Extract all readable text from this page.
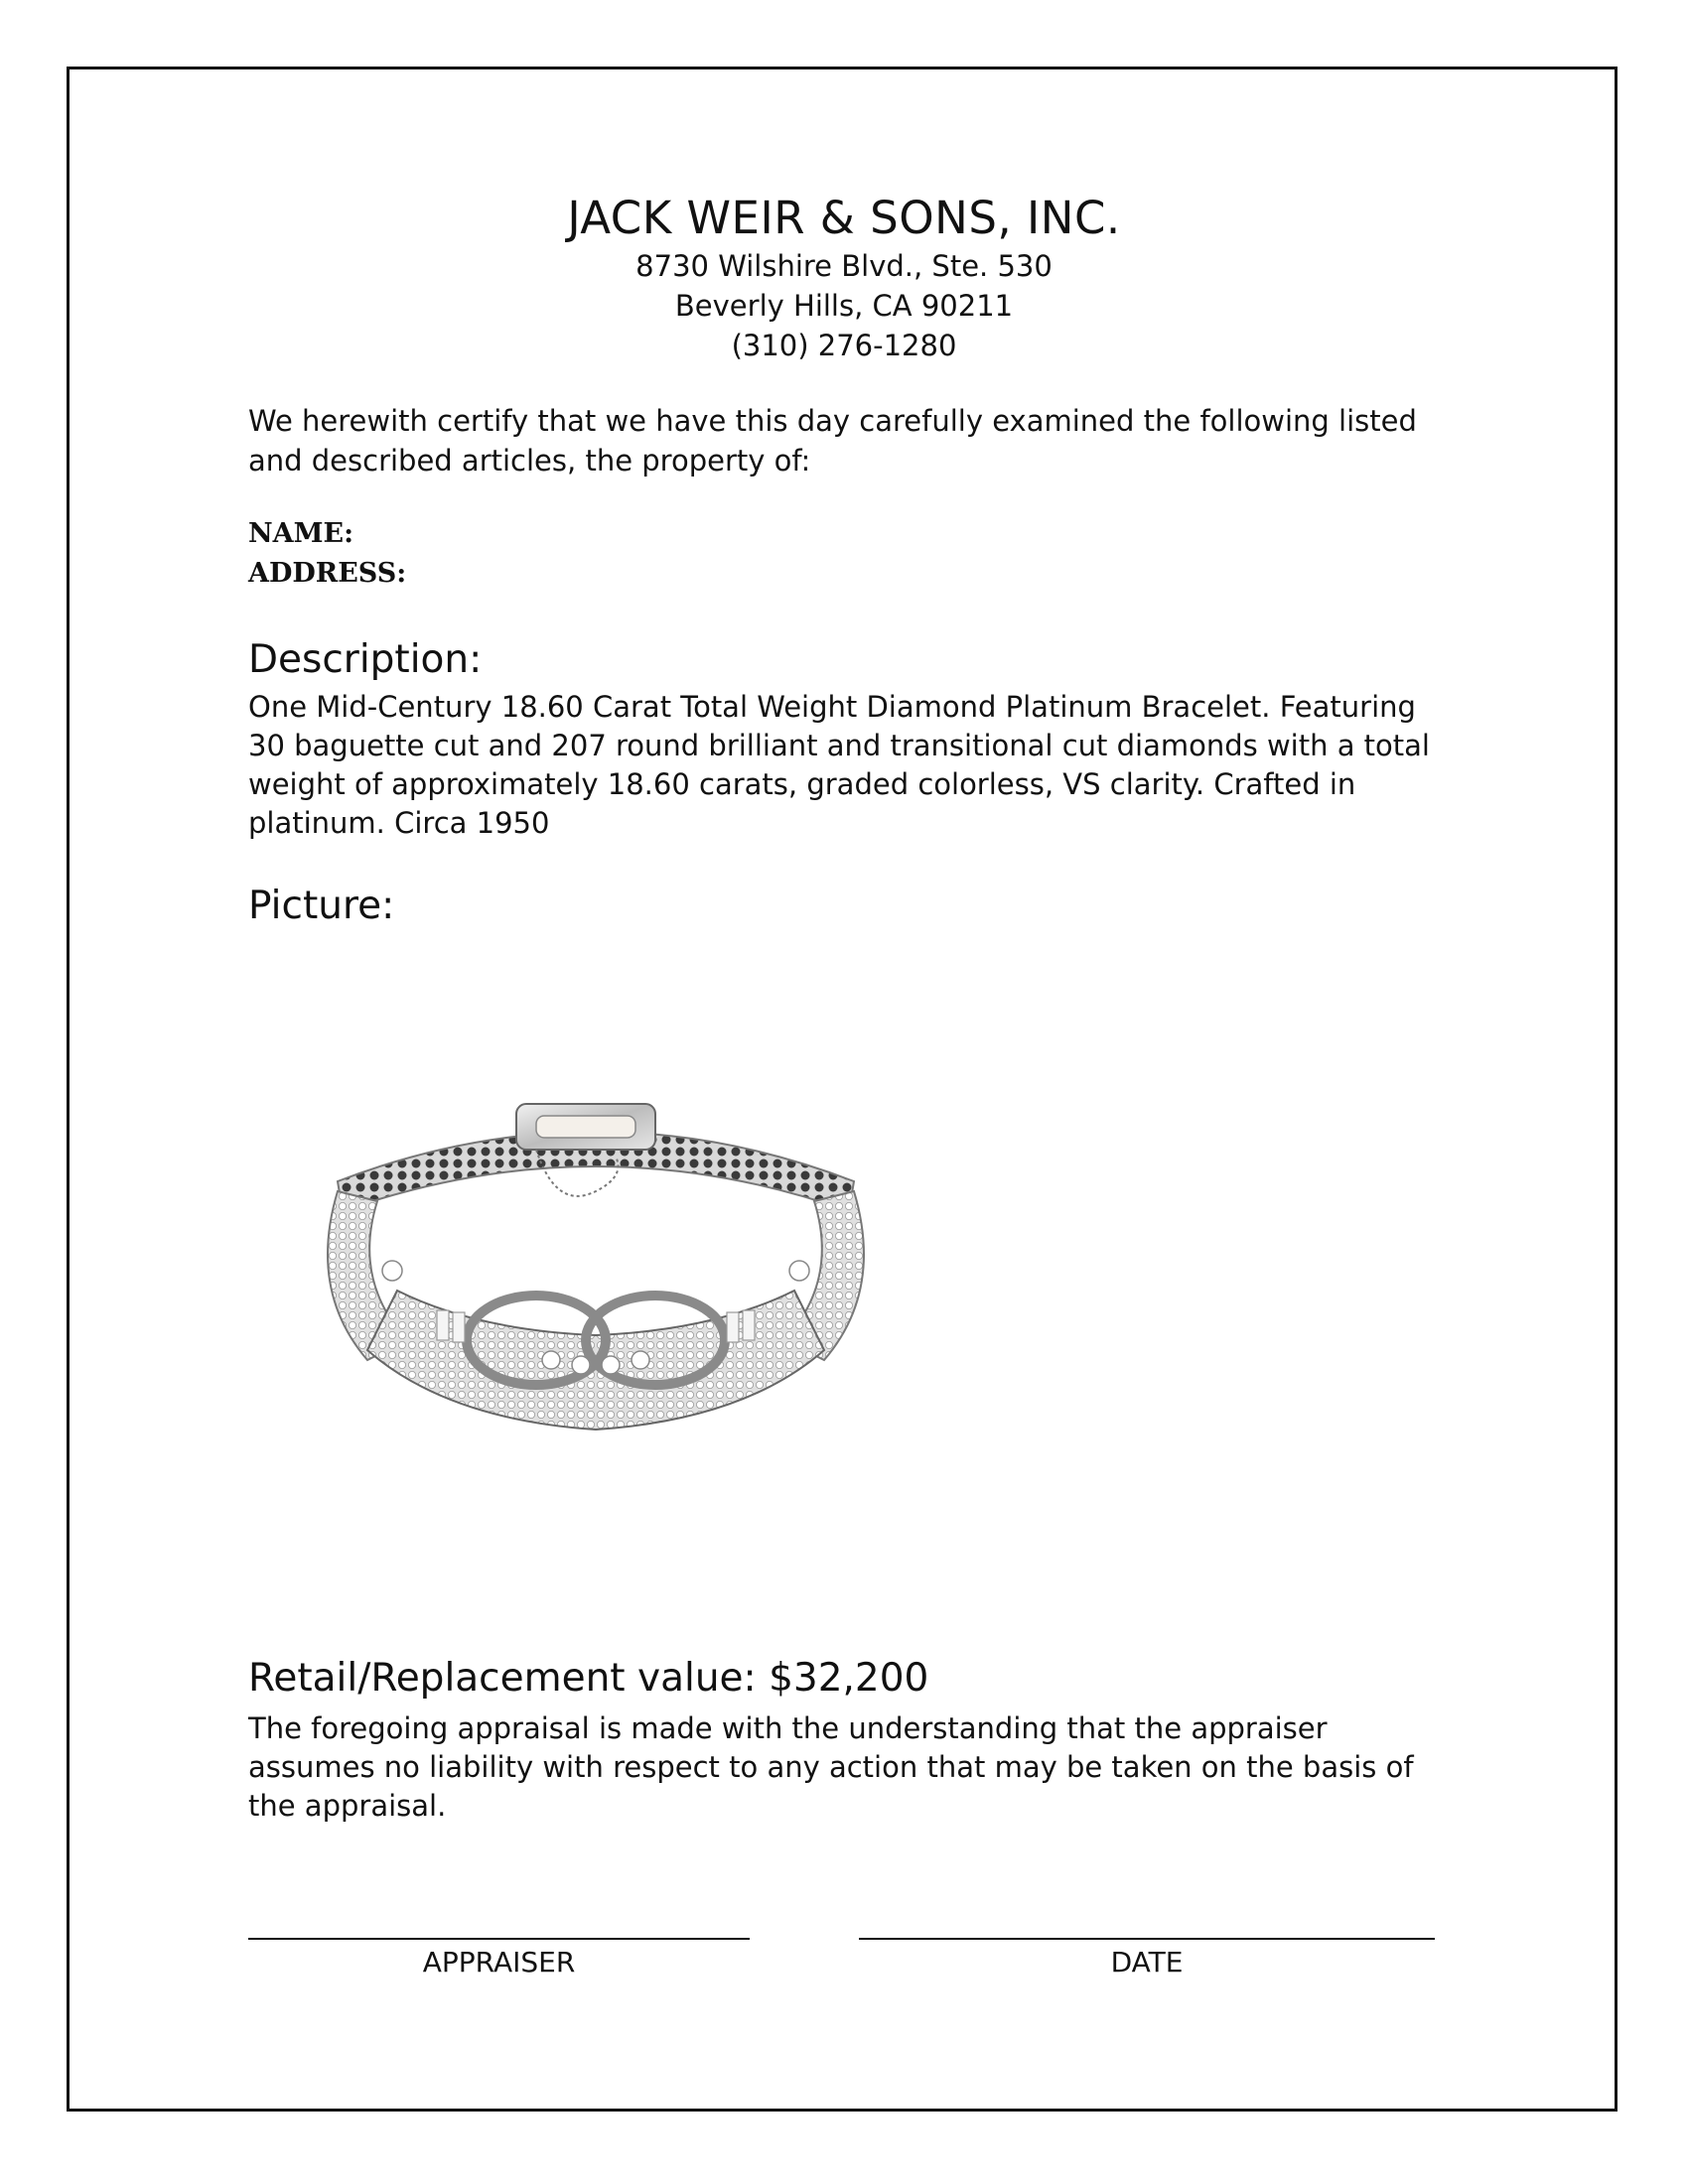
JACK WEIR & SONS, INC.
8730 Wilshire Blvd., Ste. 530
Beverly Hills, CA 90211
(310) 276-1280
We herewith certify that we have this day carefully examined the following listed and described articles, the property of:
NAME:
ADDRESS:
Description:
One Mid-Century 18.60 Carat Total Weight Diamond Platinum Bracelet. Featuring 30 baguette cut and 207 round brilliant and transitional cut diamonds with a total weight of approximately 18.60 carats, graded colorless, VS clarity. Crafted in platinum. Circa 1950
Picture:
Retail/Replacement value: $32,200
The foregoing appraisal is made with the understanding that the appraiser assumes no liability with respect to any action that may be taken on the basis of the appraisal.
APPRAISER	DATE
